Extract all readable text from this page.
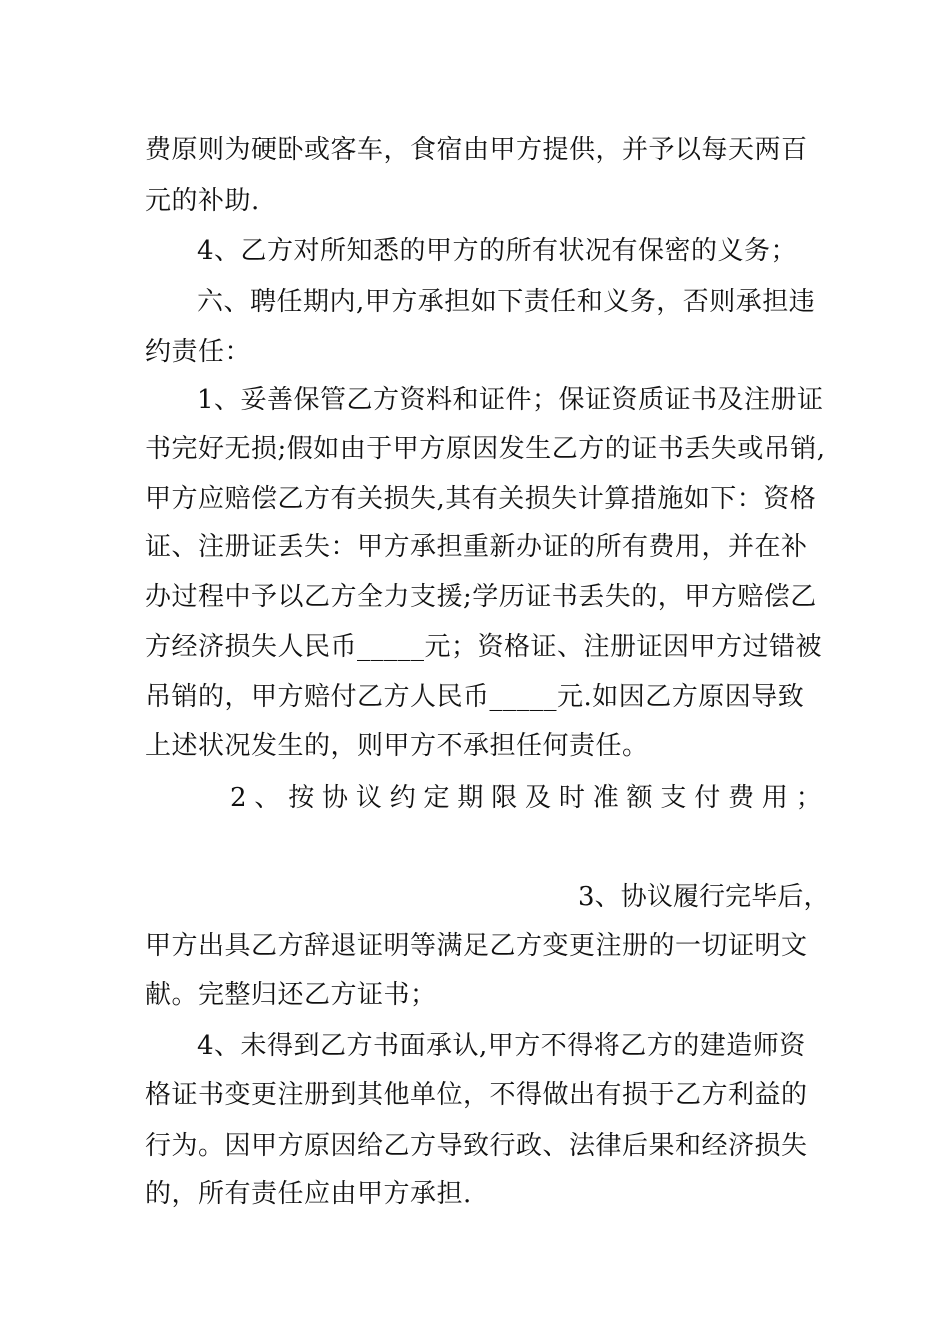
费原则为硬卧或客车，食宿由甲方提供，并予以每天两百
元的补助.
4、乙方对所知悉的甲方的所有状况有保密的义务；
六、聘任期内,甲方承担如下责任和义务，否则承担违
约责任：
1、妥善保管乙方资料和证件；保证资质证书及注册证
书完好无损;假如由于甲方原因发生乙方的证书丢失或吊销,
甲方应赔偿乙方有关损失,其有关损失计算措施如下：资格
证、注册证丢失：甲方承担重新办证的所有费用，并在补
办过程中予以乙方全力支援;学历证书丢失的，甲方赔偿乙
方经济损失人民币_____元；资格证、注册证因甲方过错被
吊销的，甲方赔付乙方人民币_____元.如因乙方原因导致
上述状况发生的，则甲方不承担任何责任。
2、按协议约定期限及时准额支付费用；
3、协议履行完毕后，
甲方出具乙方辞退证明等满足乙方变更注册的一切证明文
献。完整归还乙方证书；
4、未得到乙方书面承认,甲方不得将乙方的建造师资
格证书变更注册到其他单位，不得做出有损于乙方利益的
行为。因甲方原因给乙方导致行政、法律后果和经济损失
的，所有责任应由甲方承担.
